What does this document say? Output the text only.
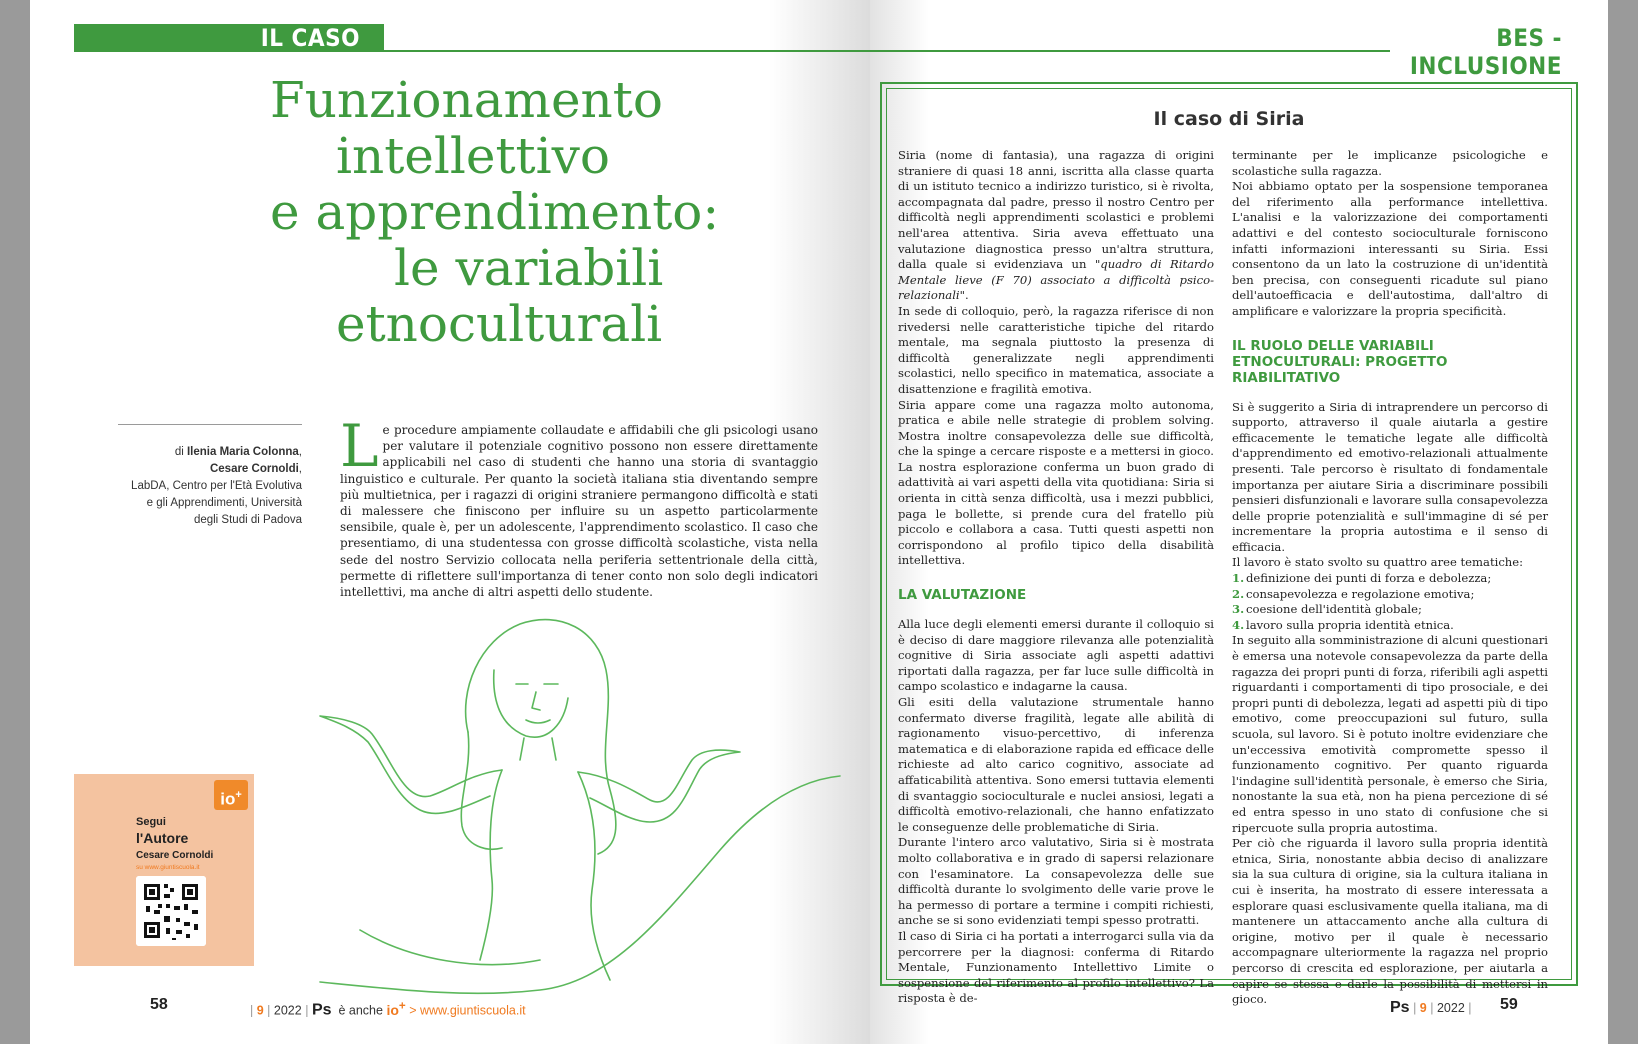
IL CASO
Funzionamento
intellettivo
e apprendimento:
le variabili
etnoculturali
di Ilenia Maria Colonna,
Cesare Cornoldi,
LabDA, Centro per l'Età Evolutiva
e gli Apprendimenti, Università
degli Studi di Padova
L e procedure ampiamente collaudate e affidabili che gli psicologi usano per valutare il potenziale cognitivo possono non essere direttamente applicabili nel caso di studenti che hanno una storia di svantaggio linguistico e culturale. Per quanto la società italiana stia diventando sempre più multietnica, per i ragazzi di origini straniere permangono difficoltà e stati di malessere che finiscono per influire su un aspetto particolarmente sensibile, quale è, per un adolescente, l'apprendimento scolastico. Il caso che presentiamo, di una studentessa con grosse difficoltà scolastiche, vista nella sede del nostro Servizio collocata nella periferia settentrionale della città, permette di riflettere sull'importanza di tener conto non solo degli indicatori intellettivi, ma anche di altri aspetti dello studente.
io+
Segui
l'Autore
Cesare Cornoldi
su www.giuntiscuola.it
58	| 9 | 2022 | Ps è anche io+ > www.giuntiscuola.it
BES - INCLUSIONE
Il caso di Siria

Siria (nome di fantasia), una ragazza di origini straniere di quasi 18 anni, iscritta alla classe quarta di un istituto tecnico a indirizzo turistico, si è rivolta, accompagnata dal padre, presso il nostro Centro per difficoltà negli apprendimenti scolastici e problemi nell'area attentiva. Siria aveva effettuato una valutazione diagnostica presso un'altra struttura, dalla quale si evidenziava un "quadro di Ritardo Mentale lieve (F 70) associato a difficoltà psico-relazionali".

In sede di colloquio, però, la ragazza riferisce di non rivedersi nelle caratteristiche tipiche del ritardo mentale, ma segnala piuttosto la presenza di difficoltà generalizzate negli apprendimenti scolastici, nello specifico in matematica, associate a disattenzione e fragilità emotiva.

Siria appare come una ragazza molto autonoma, pratica e abile nelle strategie di problem solving. Mostra inoltre consapevolezza delle sue difficoltà, che la spinge a cercare risposte e a mettersi in gioco. La nostra esplorazione conferma un buon grado di adattività ai vari aspetti della vita quotidiana: Siria si orienta in città senza difficoltà, usa i mezzi pubblici, paga le bollette, si prende cura del fratello più piccolo e collabora a casa. Tutti questi aspetti non corrispondono al profilo tipico della disabilità intellettiva.

LA VALUTAZIONE

Alla luce degli elementi emersi durante il colloquio si è deciso di dare maggiore rilevanza alle potenzialità cognitive di Siria associate agli aspetti adattivi riportati dalla ragazza, per far luce sulle difficoltà in campo scolastico e indagarne la causa.

Gli esiti della valutazione strumentale hanno confermato diverse fragilità, legate alle abilità di ragionamento visuo-percettivo, di inferenza matematica e di elaborazione rapida ed efficace delle richieste ad alto carico cognitivo, associate ad affaticabilità attentiva. Sono emersi tuttavia elementi di svantaggio socioculturale e nuclei ansiosi, legati a difficoltà emotivo-relazionali, che hanno enfatizzato le conseguenze delle problematiche di Siria.

Durante l'intero arco valutativo, Siria si è mostrata molto collaborativa e in grado di sapersi relazionare con l'esaminatore. La consapevolezza delle sue difficoltà durante lo svolgimento delle varie prove le ha permesso di portare a termine i compiti richiesti, anche se si sono evidenziati tempi spesso protratti.

Il caso di Siria ci ha portati a interrogarci sulla via da percorrere per la diagnosi: conferma di Ritardo Mentale, Funzionamento Intellettivo Limite o sospensione del riferimento al profilo intellettivo? La risposta è de-

terminante per le implicanze psicologiche e scolastiche sulla ragazza.

Noi abbiamo optato per la sospensione temporanea del riferimento alla performance intellettiva. L'analisi e la valorizzazione dei comportamenti adattivi e del contesto socioculturale forniscono infatti informazioni interessanti su Siria. Essi consentono da un lato la costruzione di un'identità ben precisa, con conseguenti ricadute sul piano dell'autoefficacia e dell'autostima, dall'altro di amplificare e valorizzare la propria specificità.

IL RUOLO DELLE VARIABILI ETNOCULTURALI: PROGETTO RIABILITATIVO

Si è suggerito a Siria di intraprendere un percorso di supporto, attraverso il quale aiutarla a gestire efficacemente le tematiche legate alle difficoltà d'apprendimento ed emotivo-relazionali attualmente presenti. Tale percorso è risultato di fondamentale importanza per aiutare Siria a discriminare possibili pensieri disfunzionali e lavorare sulla consapevolezza delle proprie potenzialità e sull'immagine di sé per incrementare la propria autostima e il senso di efficacia.

Il lavoro è stato svolto su quattro aree tematiche:

1. definizione dei punti di forza e debolezza;
2. consapevolezza e regolazione emotiva;
3. coesione dell'identità globale;
4. lavoro sulla propria identità etnica.

In seguito alla somministrazione di alcuni questionari è emersa una notevole consapevolezza da parte della ragazza dei propri punti di forza, riferibili agli aspetti riguardanti i comportamenti di tipo prosociale, e dei propri punti di debolezza, legati ad aspetti più di tipo emotivo, come preoccupazioni sul futuro, sulla scuola, sul lavoro. Si è potuto inoltre evidenziare che un'eccessiva emotività compromette spesso il funzionamento cognitivo. Per quanto riguarda l'indagine sull'identità personale, è emerso che Siria, nonostante la sua età, non ha piena percezione di sé ed entra spesso in uno stato di confusione che si ripercuote sulla propria autostima.

Per ciò che riguarda il lavoro sulla propria identità etnica, Siria, nonostante abbia deciso di analizzare sia la sua cultura di origine, sia la cultura italiana in cui è inserita, ha mostrato di essere interessata a esplorare quasi esclusivamente quella italiana, ma di mantenere un attaccamento anche alla cultura di origine, motivo per il quale è necessario accompagnare ulteriormente la ragazza nel proprio percorso di crescita ed esplorazione, per aiutarla a capire se stessa e darle la possibilità di mettersi in gioco.	Ps | 9 | 2022 | 59
